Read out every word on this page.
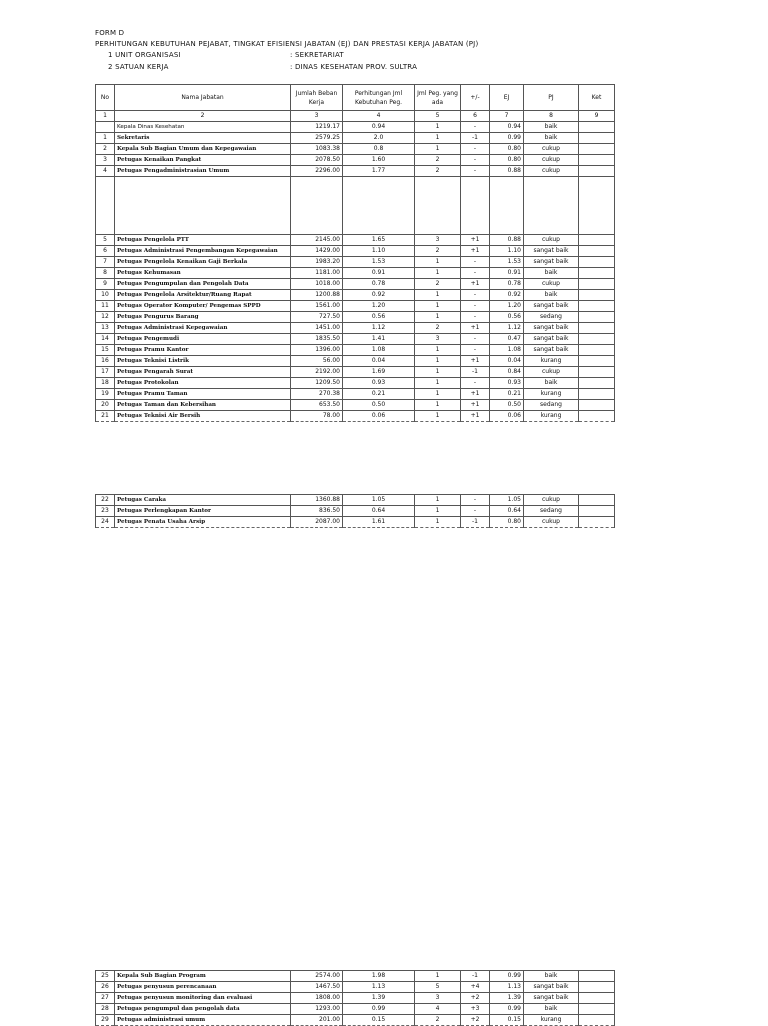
FORM D
PERHITUNGAN KEBUTUHAN PEJABAT, TINGKAT EFISIENSI JABATAN (EJ) DAN PRESTASI KERJA JABATAN (PJ)
1 UNIT ORGANISASI	: SEKRETARIAT
2 SATUAN KERJA	: DINAS KESEHATAN PROV. SULTRA
No	Nama Jabatan	Jumlah Beban Kerja	Perhitungan Jml Kebutuhan Peg.	Jml Peg. yang ada	+/-	EJ	PJ	Ket
1	2	3	4	5	6	7	8	9
	Kepala Dinas Kesehatan	1219.17	0.94	1	-	0.94	baik	
1	Sekretaris	2579.25	2.0	1	-1	0.99	baik	
2	Kepala Sub Bagian Umum dan Kepegawaian	1083.38	0.8	1	-	0.80	cukup	
3	Petugas Kenaikan Pangkat	2078.50	1.60	2	-	0.80	cukup	
4	Petugas Pengadministrasian Umum	2296.00	1.77	2	-	0.88	cukup	

5	Petugas Pengelola PTT	2145.00	1.65	3	+1	0.88	cukup	
6	Petugas Administrasi Pengembangan Kepegawaian	1429.00	1.10	2	+1	1.10	sangat baik	
7	Petugas Pengelola Kenaikan Gaji Berkala	1983.20	1.53	1	-	1.53	sangat baik	
8	Petugas Kehumasan	1181.00	0.91	1	-	0.91	baik	
9	Petugas Pengumpulan dan Pengolah Data	1018.00	0.78	2	+1	0.78	cukup	
10	Petugas Pengelola Arsitektur/Ruang Rapat	1200.88	0.92	1	-	0.92	baik	
11	Petugas Operator Komputer/ Pengemas SPPD	1561.00	1.20	1	-	1.20	sangat baik	
12	Petugas Pengurus Barang	727.50	0.56	1	-	0.56	sedang	
13	Petugas Administrasi Kepegawaian	1451.00	1.12	2	+1	1.12	sangat baik	
14	Petugas Pengemudi	1835.50	1.41	3	-	0.47	sangat baik	
15	Petugas Pramu Kantor	1396.00	1.08	1	-	1.08	sangat baik	
16	Petugas Teknisi Listrik	56.00	0.04	1	+1	0.04	kurang	
17	Petugas Pengarah Surat	2192.00	1.69	1	-1	0.84	cukup	
18	Petugas Protokolan	1209.50	0.93	1	-	0.93	baik	
19	Petugas Pramu Taman	270.38	0.21	1	+1	0.21	kurang	
20	Petugas Taman dan Kebersihan	653.50	0.50	1	+1	0.50	sedang	
21	Petugas Teknisi Air Bersih	78.00	0.06	1	+1	0.06	kurang	
22	Petugas Caraka	1360.88	1.05	1	-	1.05	cukup	
23	Petugas Perlengkapan Kantor	836.50	0.64	1	-	0.64	sedang	
24	Petugas Penata Usaha Arsip	2087.00	1.61	1	-1	0.80	cukup	
25	Kepala Sub Bagian Program	2574.00	1.98	1	-1	0.99	baik	
26	Petugas penyusun perencanaan	1467.50	1.13	5	+4	1.13	sangat baik	
27	Petugas penyusun monitoring dan evaluasi	1808.00	1.39	3	+2	1.39	sangat baik	
28	Petugas pengumpul dan pengolah data	1293.00	0.99	4	+3	0.99	baik	
29	Petugas administrasi umum	201.00	0.15	2	+2	0.15	kurang	
